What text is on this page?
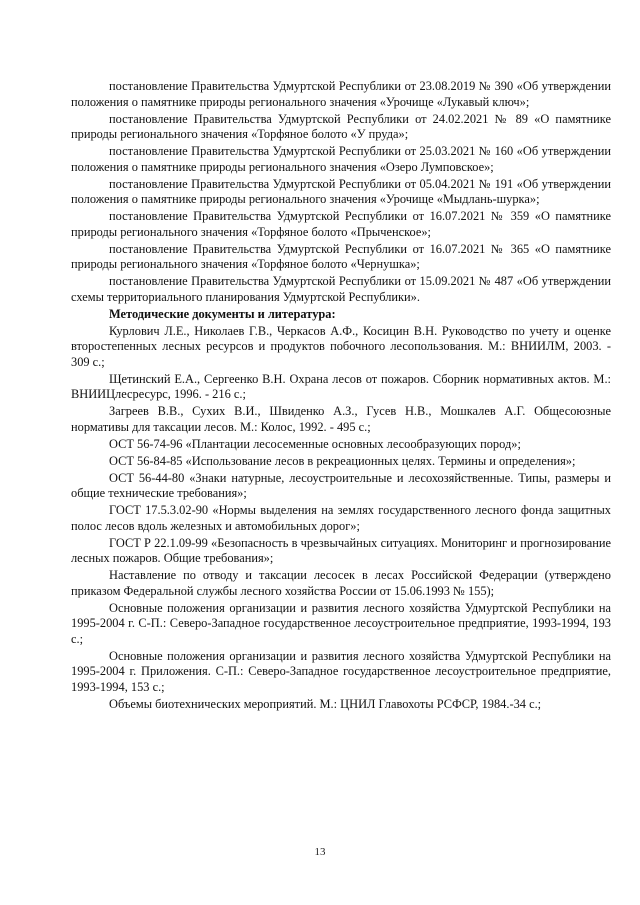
постановление Правительства Удмуртской Республики от 23.08.2019 № 390 «Об утверждении положения о памятнике природы регионального значения «Урочище «Лукавый ключ»;

постановление Правительства Удмуртской Республики от 24.02.2021 № 89 «О памятнике природы регионального значения «Торфяное болото «У пруда»;

постановление Правительства Удмуртской Республики от 25.03.2021 № 160 «Об утверждении положения о памятнике природы регионального значения «Озеро Лумповское»;

постановление Правительства Удмуртской Республики от 05.04.2021 № 191 «Об утверждении положения о памятнике природы регионального значения «Урочище «Мыдлань-шурка»;

постановление Правительства Удмуртской Республики от 16.07.2021 № 359 «О памятнике природы регионального значения «Торфяное болото «Прыченское»;

постановление Правительства Удмуртской Республики от 16.07.2021 № 365 «О памятнике природы регионального значения «Торфяное болото «Чернушка»;

постановление Правительства Удмуртской Республики от 15.09.2021 № 487 «Об утверждении схемы территориального планирования Удмуртской Республики».

Методические документы и литература:

Курлович Л.Е., Николаев Г.В., Черкасов А.Ф., Косицин В.Н. Руководство по учету и оценке второстепенных лесных ресурсов и продуктов побочного лесопользования. М.: ВНИИЛМ, 2003. - 309 с.;

Щетинский Е.А., Сергеенко В.Н. Охрана лесов от пожаров. Сборник нормативных актов. М.: ВНИИЦлесресурс, 1996. - 216 с.;

Загреев В.В., Сухих В.И., Швиденко А.З., Гусев Н.В., Мошкалев А.Г. Общесоюзные нормативы для таксации лесов. М.: Колос, 1992. - 495 с.;

ОСТ 56-74-96 «Плантации лесосеменные основных лесообразующих пород»;

ОСТ 56-84-85 «Использование лесов в рекреационных целях. Термины и определения»;

ОСТ 56-44-80 «Знаки натурные, лесоустроительные и лесохозяйственные. Типы, размеры и общие технические требования»;

ГОСТ 17.5.3.02-90 «Нормы выделения на землях государственного лесного фонда защитных полос лесов вдоль железных и автомобильных дорог»;

ГОСТ Р 22.1.09-99 «Безопасность в чрезвычайных ситуациях. Мониторинг и прогнозирование лесных пожаров. Общие требования»;

Наставление по отводу и таксации лесосек в лесах Российской Федерации (утверждено приказом Федеральной службы лесного хозяйства России от 15.06.1993 № 155);

Основные положения организации и развития лесного хозяйства Удмуртской Республики на 1995-2004 г. С-П.: Северо-Западное государственное лесоустроительное предприятие, 1993-1994, 193 с.;

Основные положения организации и развития лесного хозяйства Удмуртской Республики на 1995-2004 г. Приложения. С-П.: Северо-Западное государственное лесоустроительное предприятие, 1993-1994, 153 с.;

Объемы биотехнических мероприятий. М.: ЦНИЛ Главохоты РСФСР, 1984.-34 с.;

13
